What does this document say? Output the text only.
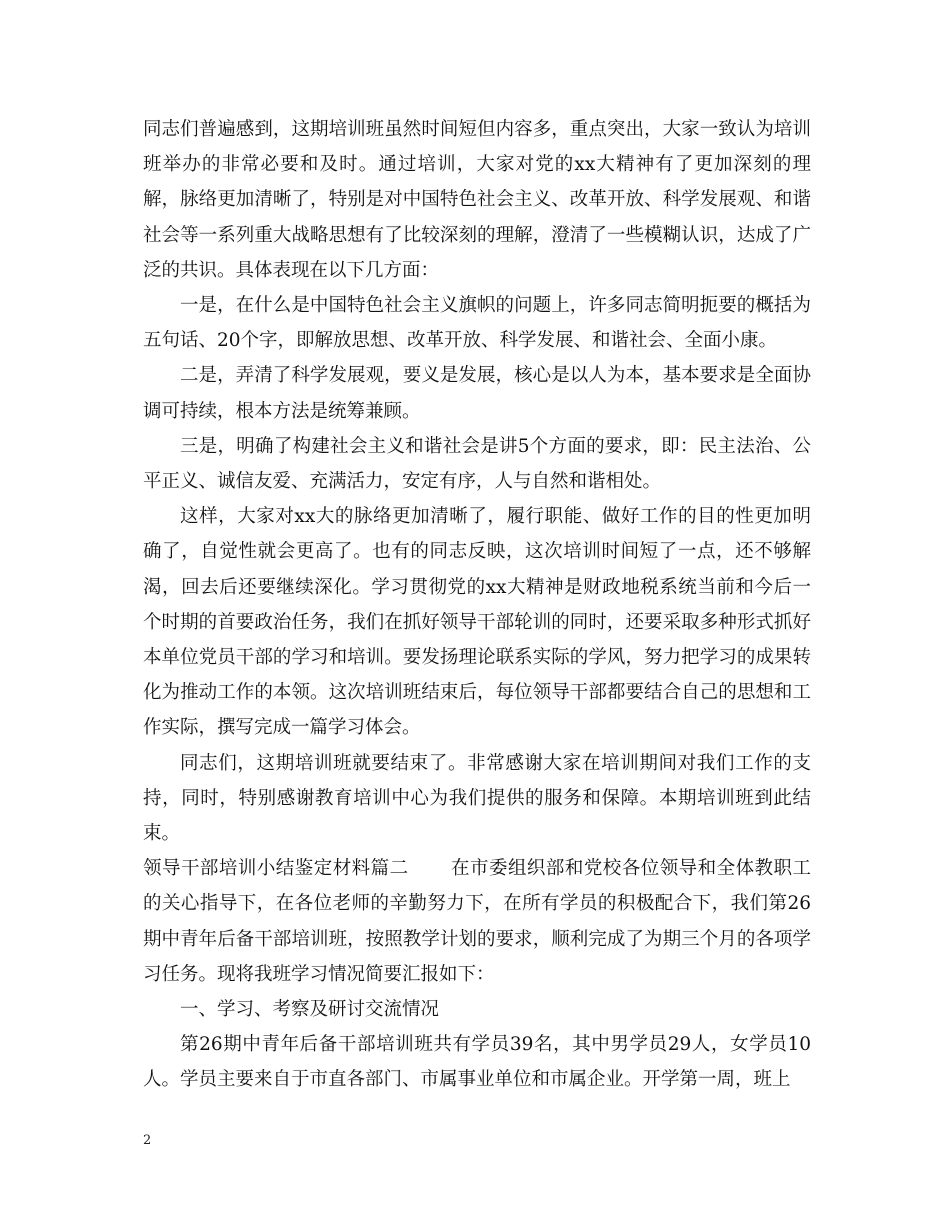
同志们普遍感到，这期培训班虽然时间短但内容多，重点突出，大家一致认为培训班举办的非常必要和及时。通过培训，大家对党的xx大精神有了更加深刻的理解，脉络更加清晰了，特别是对中国特色社会主义、改革开放、科学发展观、和谐社会等一系列重大战略思想有了比较深刻的理解，澄清了一些模糊认识，达成了广泛的共识。具体表现在以下几方面：

一是，在什么是中国特色社会主义旗帜的问题上，许多同志简明扼要的概括为五句话、20个字，即解放思想、改革开放、科学发展、和谐社会、全面小康。

二是，弄清了科学发展观，要义是发展，核心是以人为本，基本要求是全面协调可持续，根本方法是统筹兼顾。

三是，明确了构建社会主义和谐社会是讲5个方面的要求，即：民主法治、公平正义、诚信友爱、充满活力，安定有序，人与自然和谐相处。

这样，大家对xx大的脉络更加清晰了，履行职能、做好工作的目的性更加明确了，自觉性就会更高了。也有的同志反映，这次培训时间短了一点，还不够解渴，回去后还要继续深化。学习贯彻党的xx大精神是财政地税系统当前和今后一个时期的首要政治任务，我们在抓好领导干部轮训的同时，还要采取多种形式抓好本单位党员干部的学习和培训。要发扬理论联系实际的学风，努力把学习的成果转化为推动工作的本领。这次培训班结束后，每位领导干部都要结合自己的思想和工作实际，撰写完成一篇学习体会。

同志们，这期培训班就要结束了。非常感谢大家在培训期间对我们工作的支持，同时，特别感谢教育培训中心为我们提供的服务和保障。本期培训班到此结束。

领导干部培训小结鉴定材料篇二 在市委组织部和党校各位领导和全体教职工的关心指导下，在各位老师的辛勤努力下，在所有学员的积极配合下，我们第26期中青年后备干部培训班，按照教学计划的要求，顺利完成了为期三个月的各项学习任务。现将我班学习情况简要汇报如下：

一、学习、考察及研讨交流情况

第26期中青年后备干部培训班共有学员39名，其中男学员29人，女学员10人。学员主要来自于市直各部门、市属事业单位和市属企业。开学第一周，班上

2
